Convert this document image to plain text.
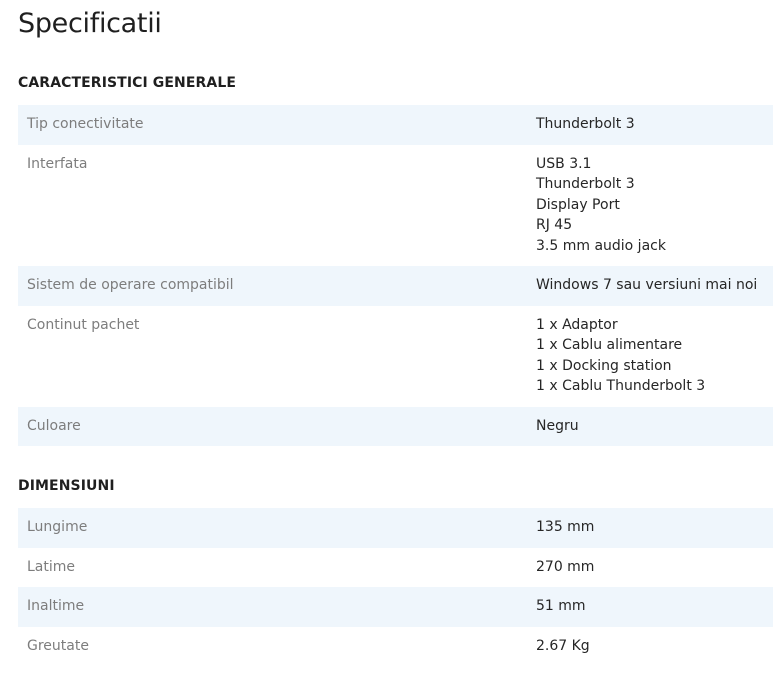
Specificatii
CARACTERISTICI GENERALE
Tip conectivitate	Thunderbolt 3
Interfata	USB 3.1
Thunderbolt 3
Display Port
RJ 45
3.5 mm audio jack
Sistem de operare compatibil	Windows 7 sau versiuni mai noi
Continut pachet	1 x Adaptor
1 x Cablu alimentare
1 x Docking station
1 x Cablu Thunderbolt 3
Culoare	Negru
DIMENSIUNI
Lungime	135 mm
Latime	270 mm
Inaltime	51 mm
Greutate	2.67 Kg
